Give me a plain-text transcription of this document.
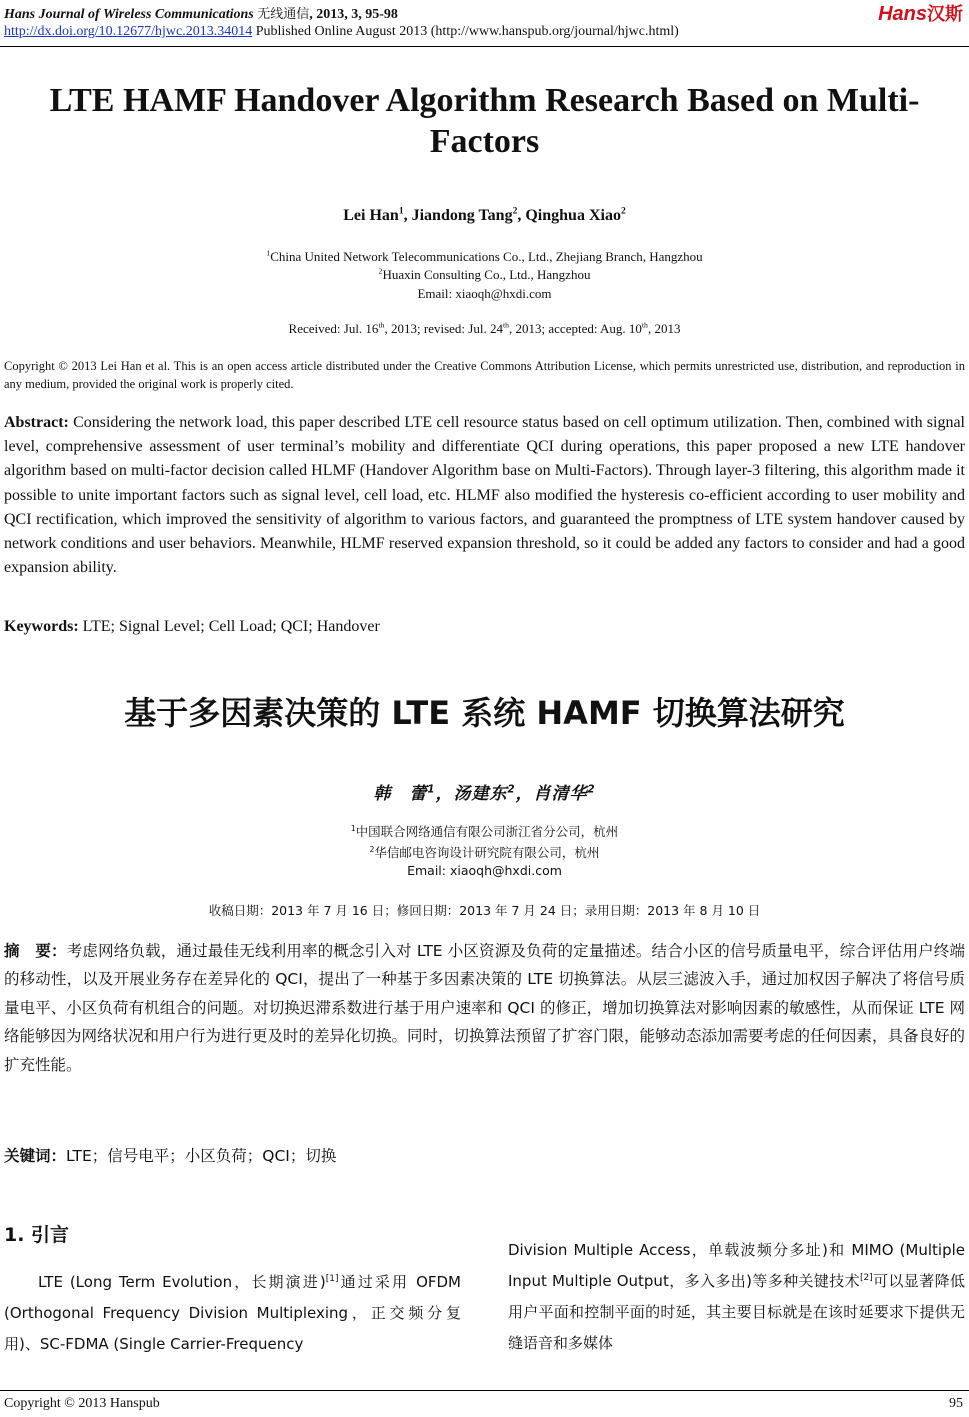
Hans Journal of Wireless Communications 无线通信, 2013, 3, 95-98	Hans汉斯
http://dx.doi.org/10.12677/hjwc.2013.34014 Published Online August 2013 (http://www.hanspub.org/journal/hjwc.html)
LTE HAMF Handover Algorithm Research Based on Multi-Factors
Lei Han$^1$, Jiandong Tang$^2$, Qinghua Xiao$^2$
$^1$China United Network Telecommunications Co., Ltd., Zhejiang Branch, Hangzhou
$^2$Huaxin Consulting Co., Ltd., Hangzhou
Email: xiaoqh@hxdi.com
Received: Jul. 16th, 2013; revised: Jul. 24th, 2013; accepted: Aug. 10th, 2013
Copyright © 2013 Lei Han et al. This is an open access article distributed under the Creative Commons Attribution License, which permits unrestricted use, distribution, and reproduction in any medium, provided the original work is properly cited.
Abstract: Considering the network load, this paper described LTE cell resource status based on cell optimum utilization. Then, combined with signal level, comprehensive assessment of user terminal’s mobility and differentiate QCI during operations, this paper proposed a new LTE handover algorithm based on multi-factor decision called HLMF (Handover Algorithm base on Multi-Factors). Through layer-3 filtering, this algorithm made it possible to unite important factors such as signal level, cell load, etc. HLMF also modified the hysteresis co-efficient according to user mobility and QCI rectification, which improved the sensitivity of algorithm to various factors, and guaranteed the promptness of LTE system handover caused by network conditions and user behaviors. Meanwhile, HLMF reserved expansion threshold, so it could be added any factors to consider and had a good expansion ability.
Keywords: LTE; Signal Level; Cell Load; QCI; Handover
基于多因素决策的 LTE 系统 HAMF 切换算法研究
韩　蕾$^1$，汤建东$^2$，肖清华$^2$
$^1$中国联合网络通信有限公司浙江省分公司，杭州
$^2$华信邮电咨询设计研究院有限公司，杭州
Email: xiaoqh@hxdi.com
收稿日期：2013 年 7 月 16 日；修回日期：2013 年 7 月 24 日；录用日期：2013 年 8 月 10 日
摘　要：考虑网络负载，通过最佳无线利用率的概念引入对 LTE 小区资源及负荷的定量描述。结合小区的信号质量电平，综合评估用户终端的移动性，以及开展业务存在差异化的 QCI，提出了一种基于多因素决策的 LTE 切换算法。从层三滤波入手，通过加权因子解决了将信号质量电平、小区负荷有机组合的问题。对切换迟滞系数进行基于用户速率和 QCI 的修正，增加切换算法对影响因素的敏感性，从而保证 LTE 网络能够因为网络状况和用户行为进行更及时的差异化切换。同时，切换算法预留了扩容门限，能够动态添加需要考虑的任何因素，具备良好的扩充性能。
关键词：LTE；信号电平；小区负荷；QCI；切换
1. 引言
LTE (Long Term Evolution，长期演进)[1]通过采用 OFDM (Orthogonal Frequency Division Multiplexing，正交频分复用)、SC-FDMA (Single Carrier-Frequency
Division Multiple Access，单载波频分多址)和 MIMO (Multiple Input Multiple Output，多入多出)等多种关键技术[2]可以显著降低用户平面和控制平面的时延，其主要目标就是在该时延要求下提供无缝语音和多媒体
Copyright © 2013 Hanspub	95
